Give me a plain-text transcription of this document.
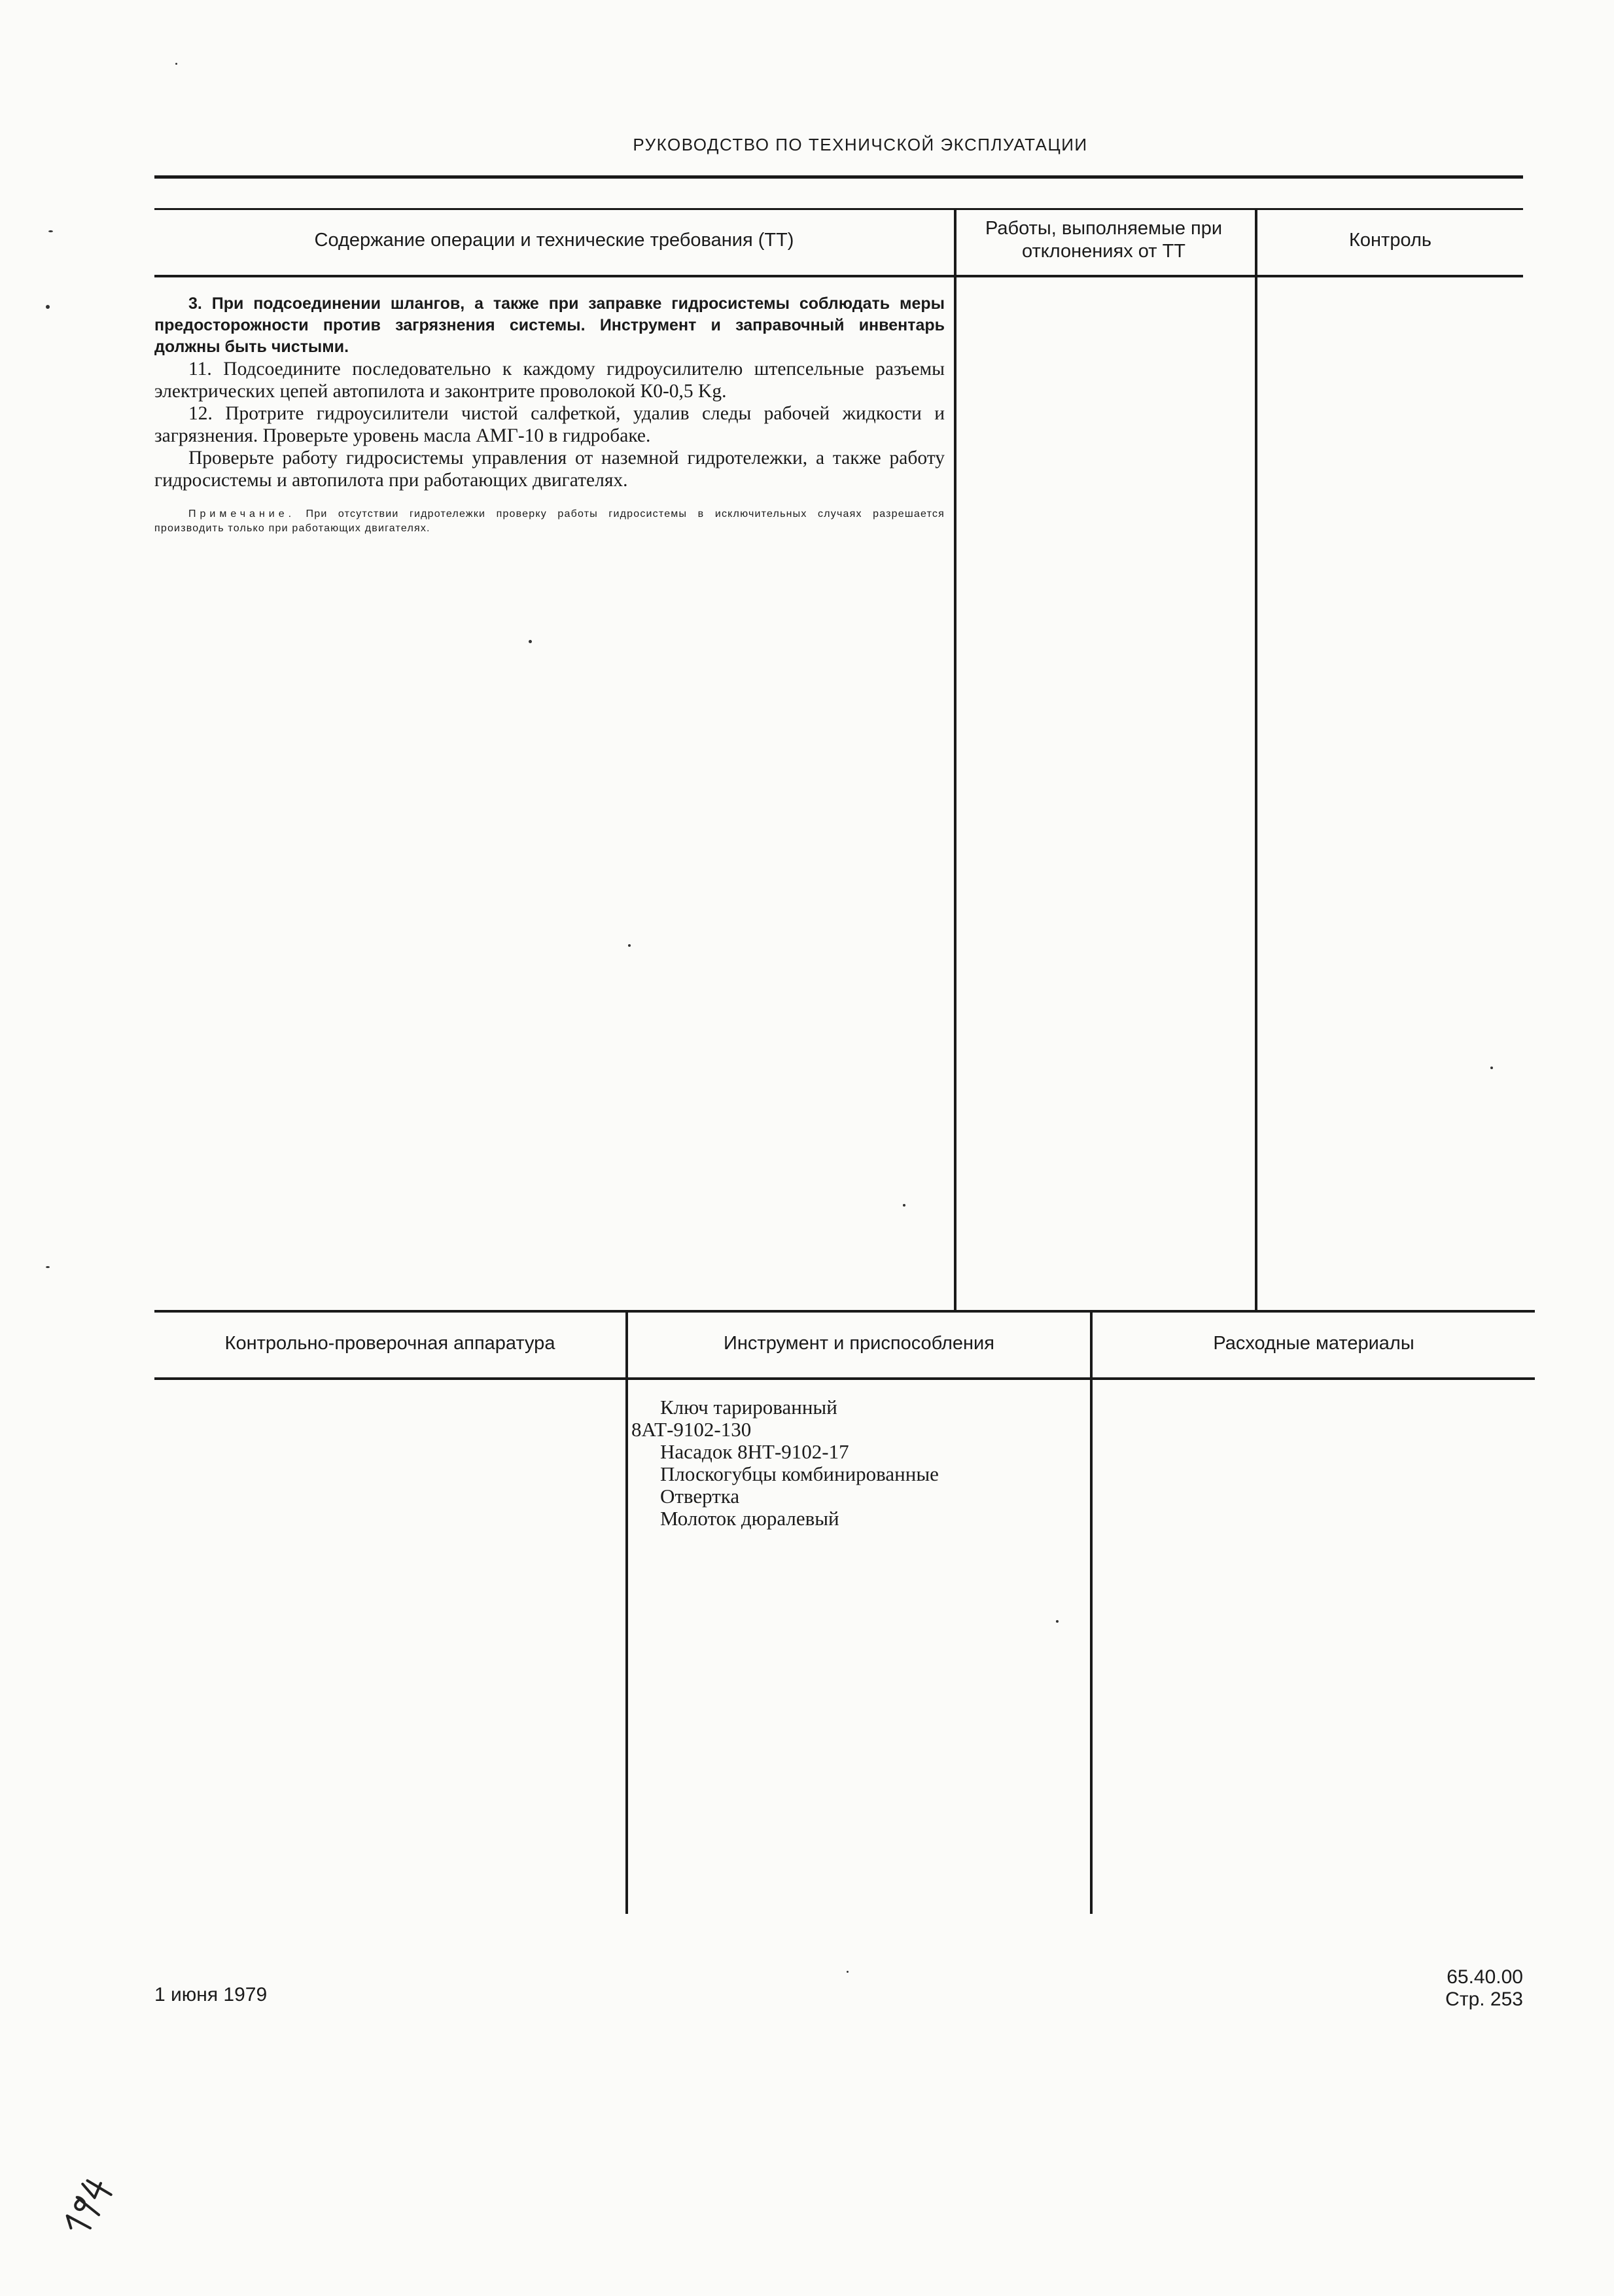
РУКОВОДСТВО ПО ТЕХНИЧСКОЙ ЭКСПЛУАТАЦИИ
Содержание операции и технические требования (ТТ)
Работы, выполняемые при отклонениях от ТТ
Контроль

3. При подсоединении шлангов, а также при заправке гидросистемы соблюдать меры предосторожности против загрязнения системы. Инструмент и заправочный инвентарь должны быть чистыми.

11. Подсоедините последовательно к каждому гидроусилителю штепсельные разъемы электрических цепей автопилота и законтрите проволокой К0-0,5 Kg.

12. Протрите гидроусилители чистой салфеткой, удалив следы рабочей жидкости и загрязнения. Проверьте уровень масла АМГ-10 в гидробаке.

Проверьте работу гидросистемы управления от наземной гидротележки, а также работу гидросистемы и автопилота при работающих двигателях.

Примечание. При отсутствии гидротележки проверку работы гидросистемы в исключительных случаях разрешается производить только при работающих двигателях.

Контрольно-проверочная аппаратура	Инструмент и приспособления	Расходные материалы
Ключ тарированный
8АТ-9102-130
Насадок 8НТ-9102-17
Плоскогубцы комбинированные
Отвертка
Молоток дюралевый
1 июня 1979
65.40.00
Стр. 253
